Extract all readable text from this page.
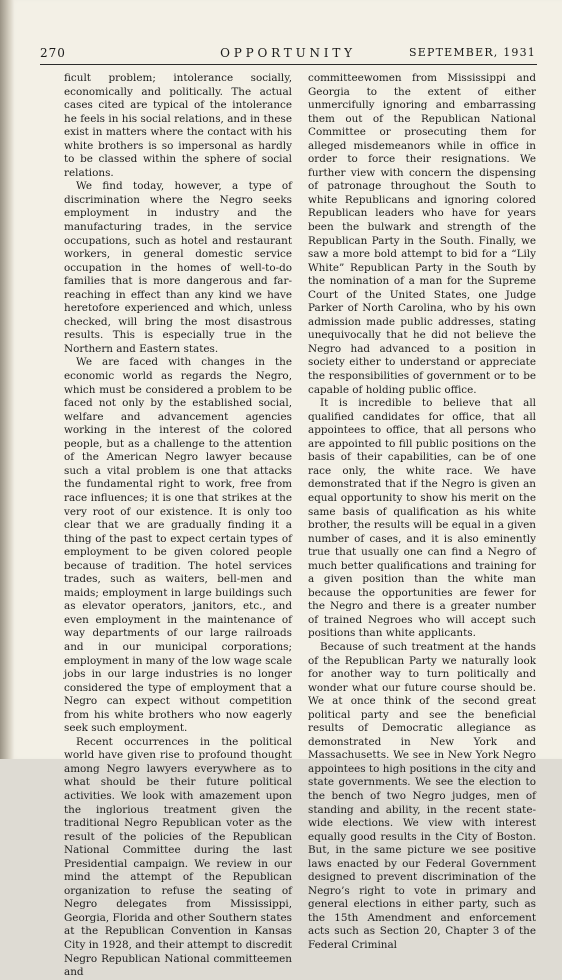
270	OPPORTUNITY	SEPTEMBER, 1931

ficult problem; intolerance socially, economically and politically. The actual cases cited are typical of the intolerance he feels in his social relations, and in these exist in matters where the contact with his white brothers is so impersonal as hardly to be classed within the sphere of social relations.

We find today, however, a type of discrimination where the Negro seeks employment in industry and the manufacturing trades, in the service occupations, such as hotel and restaurant workers, in general domestic service occupation in the homes of well-to-do families that is more dangerous and far-reaching in effect than any kind we have heretofore experienced and which, unless checked, will bring the most disastrous results. This is especially true in the Northern and Eastern states.

We are faced with changes in the economic world as regards the Negro, which must be considered a problem to be faced not only by the established social, welfare and advancement agencies working in the interest of the colored people, but as a challenge to the attention of the American Negro lawyer because such a vital problem is one that attacks the fundamental right to work, free from race influences; it is one that strikes at the very root of our existence. It is only too clear that we are gradually finding it a thing of the past to expect certain types of employment to be given colored people because of tradition. The hotel services trades, such as waiters, bell-men and maids; employment in large buildings such as elevator operators, janitors, etc., and even employment in the maintenance of way departments of our large railroads and in our municipal corporations; employment in many of the low wage scale jobs in our large industries is no longer considered the type of employment that a Negro can expect without competition from his white brothers who now eagerly seek such employment.

Recent occurrences in the political world have given rise to profound thought among Negro lawyers everywhere as to what should be their future political activities. We look with amazement upon the inglorious treatment given the traditional Negro Republican voter as the result of the policies of the Republican National Committee during the last Presidential campaign. We review in our mind the attempt of the Republican organization to refuse the seating of Negro delegates from Mississippi, Georgia, Florida and other Southern states at the Republican Convention in Kansas City in 1928, and their attempt to discredit Negro Republican National committeemen and

committeewomen from Mississippi and Georgia to the extent of either unmercifully ignoring and embarrassing them out of the Republican National Committee or prosecuting them for alleged misdemeanors while in office in order to force their resignations. We further view with concern the dispensing of patronage throughout the South to white Republicans and ignoring colored Republican leaders who have for years been the bulwark and strength of the Republican Party in the South. Finally, we saw a more bold attempt to bid for a “Lily White” Republican Party in the South by the nomination of a man for the Supreme Court of the United States, one Judge Parker of North Carolina, who by his own admission made public addresses, stating unequivocally that he did not believe the Negro had advanced to a position in society either to understand or appreciate the responsibilities of government or to be capable of holding public office.

It is incredible to believe that all qualified candidates for office, that all appointees to office, that all persons who are appointed to fill public positions on the basis of their capabilities, can be of one race only, the white race. We have demonstrated that if the Negro is given an equal opportunity to show his merit on the same basis of qualification as his white brother, the results will be equal in a given number of cases, and it is also eminently true that usually one can find a Negro of much better qualifications and training for a given position than the white man because the opportunities are fewer for the Negro and there is a greater number of trained Negroes who will accept such positions than white applicants.

Because of such treatment at the hands of the Republican Party we naturally look for another way to turn politically and wonder what our future course should be. We at once think of the second great political party and see the beneficial results of Democratic allegiance as demonstrated in New York and Massachusetts. We see in New York Negro appointees to high positions in the city and state governments. We see the election to the bench of two Negro judges, men of standing and ability, in the recent state-wide elections. We view with interest equally good results in the City of Boston. But, in the same picture we see positive laws enacted by our Federal Government designed to prevent discrimination of the Negro’s right to vote in primary and general elections in either party, such as the 15th Amendment and enforcement acts such as Section 20, Chapter 3 of the Federal Criminal
